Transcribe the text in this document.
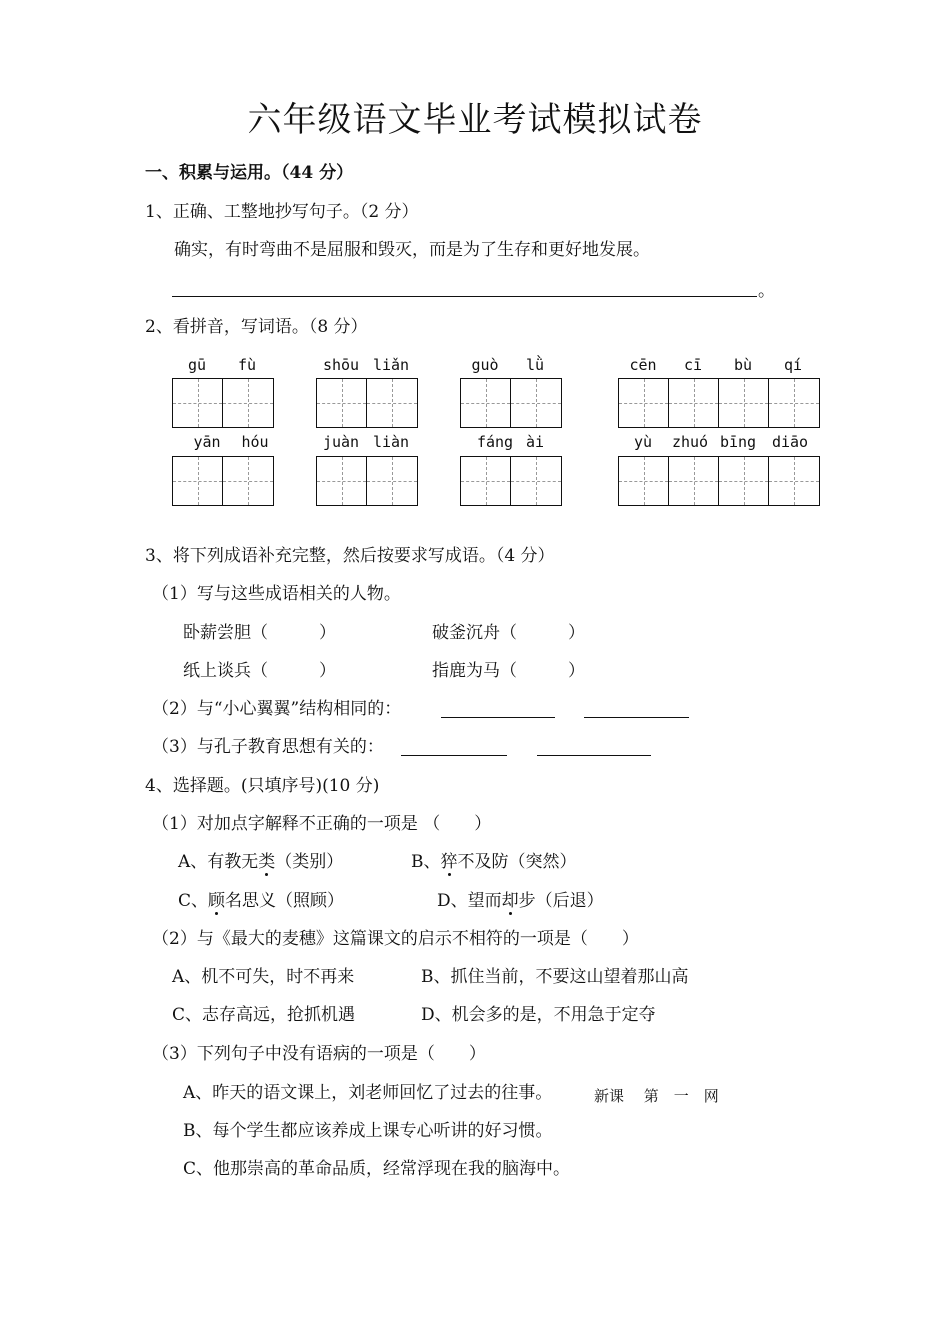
六年级语文毕业考试模拟试卷
一、积累与运用。（44 分）
1、正确、工整地抄写句子。（2 分）
确实，有时弯曲不是屈服和毁灭，而是为了生存和更好地发展。
。
2、看拼音，写词语。（8 分）
gū	fù	shōu liǎn	guò	lǜ	cēn	cī	bù	qí
yān	hóu	juàn liàn	fáng ài	yù	zhuó bīng	diāo
3、将下列成语补充完整，然后按要求写成语。（4 分）
（1）写与这些成语相关的人物。
卧薪尝胆（　　　）	破釜沉舟（　　　）
纸上谈兵（　　　）	指鹿为马（　　　）
（2）与“小心翼翼”结构相同的：
（3）与孔子教育思想有关的：
4、选择题。(只填序号)(10 分)
（1）对加点字解释不正确的一项是 （　　）
A、有教无类（类别）	B、猝不及防（突然）
C、顾名思义（照顾）	D、望而却步（后退）
（2）与《最大的麦穗》这篇课文的启示不相符的一项是（　　）
A、机不可失，时不再来	B、抓住当前，不要这山望着那山高
C、志存高远，抢抓机遇	D、机会多的是，不用急于定夺
（3）下列句子中没有语病的一项是（　　）
A、昨天的语文课上，刘老师回忆了过去的往事。	新课　 第　一　网
B、每个学生都应该养成上课专心听讲的好习惯。
C、他那崇高的革命品质，经常浮现在我的脑海中。
